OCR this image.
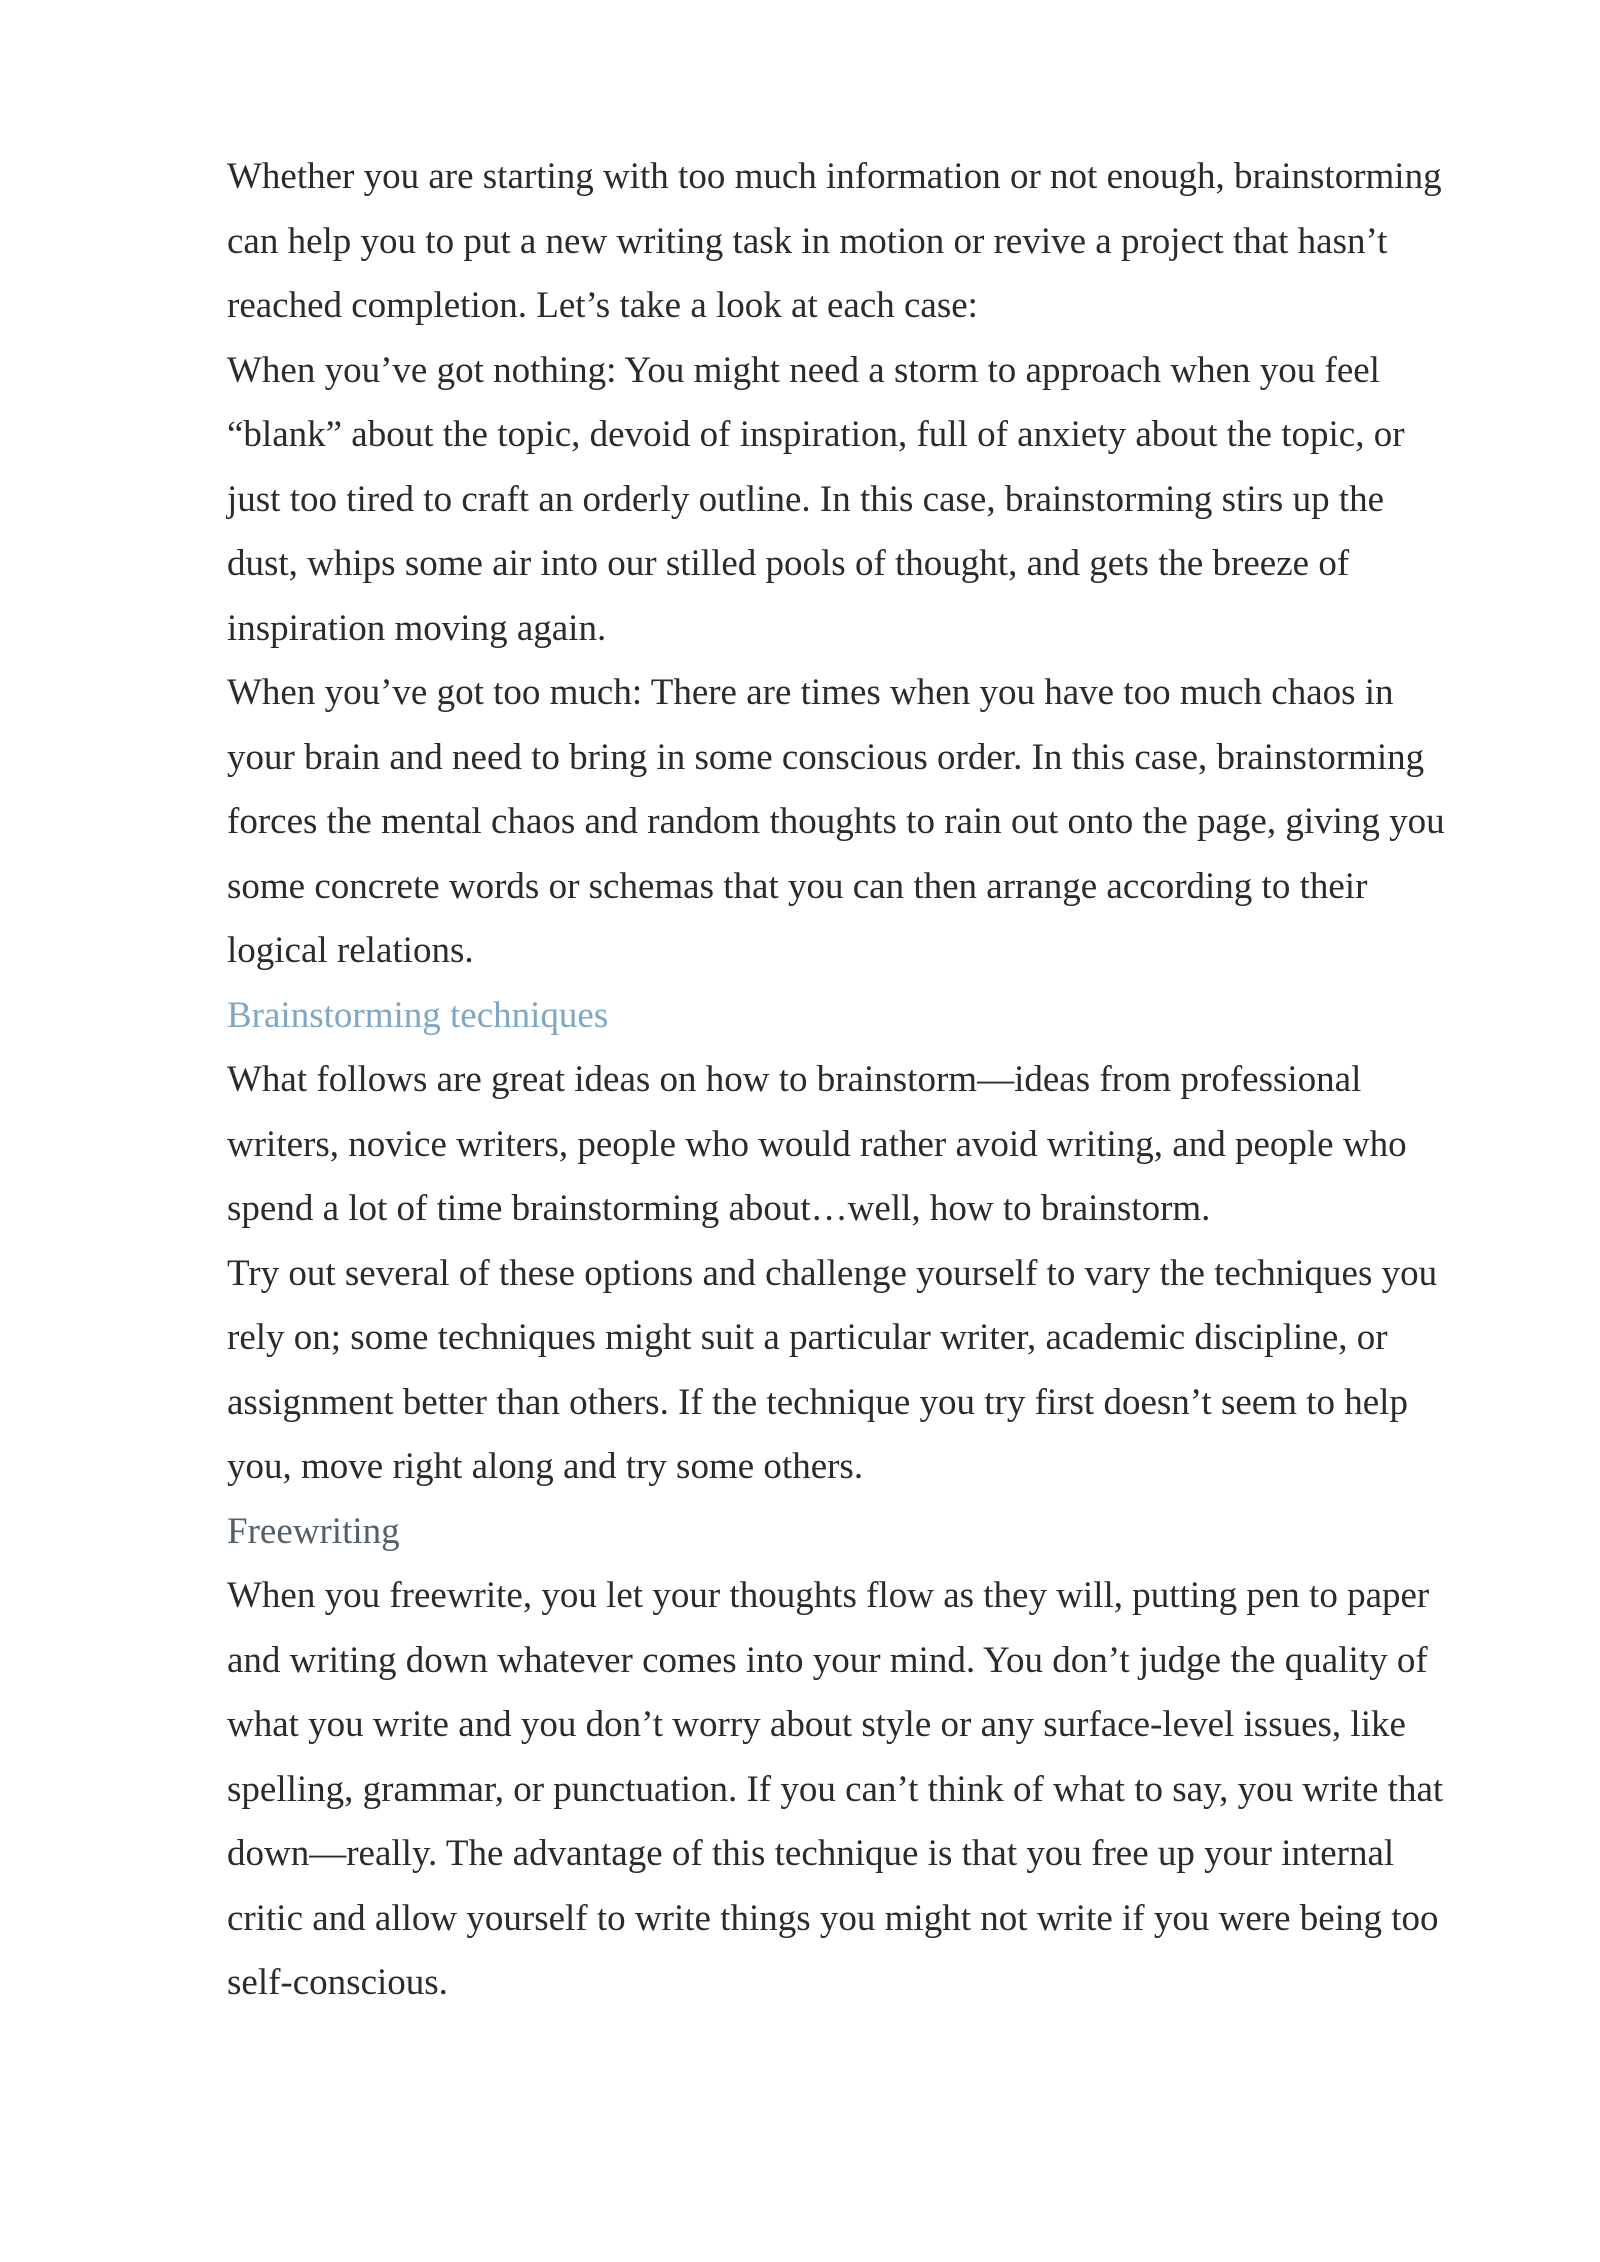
Whether you are starting with too much information or not enough, brainstorming
can help you to put a new writing task in motion or revive a project that hasn’t
reached completion. Let’s take a look at each case:
When you’ve got nothing: You might need a storm to approach when you feel
“blank” about the topic, devoid of inspiration, full of anxiety about the topic, or
just too tired to craft an orderly outline. In this case, brainstorming stirs up the
dust, whips some air into our stilled pools of thought, and gets the breeze of
inspiration moving again.
When you’ve got too much: There are times when you have too much chaos in
your brain and need to bring in some conscious order. In this case, brainstorming
forces the mental chaos and random thoughts to rain out onto the page, giving you
some concrete words or schemas that you can then arrange according to their
logical relations.
Brainstorming techniques
What follows are great ideas on how to brainstorm—ideas from professional
writers, novice writers, people who would rather avoid writing, and people who
spend a lot of time brainstorming about…well, how to brainstorm.
Try out several of these options and challenge yourself to vary the techniques you
rely on; some techniques might suit a particular writer, academic discipline, or
assignment better than others. If the technique you try first doesn’t seem to help
you, move right along and try some others.
Freewriting
When you freewrite, you let your thoughts flow as they will, putting pen to paper
and writing down whatever comes into your mind. You don’t judge the quality of
what you write and you don’t worry about style or any surface-level issues, like
spelling, grammar, or punctuation. If you can’t think of what to say, you write that
down—really. The advantage of this technique is that you free up your internal
critic and allow yourself to write things you might not write if you were being too
self-conscious.
